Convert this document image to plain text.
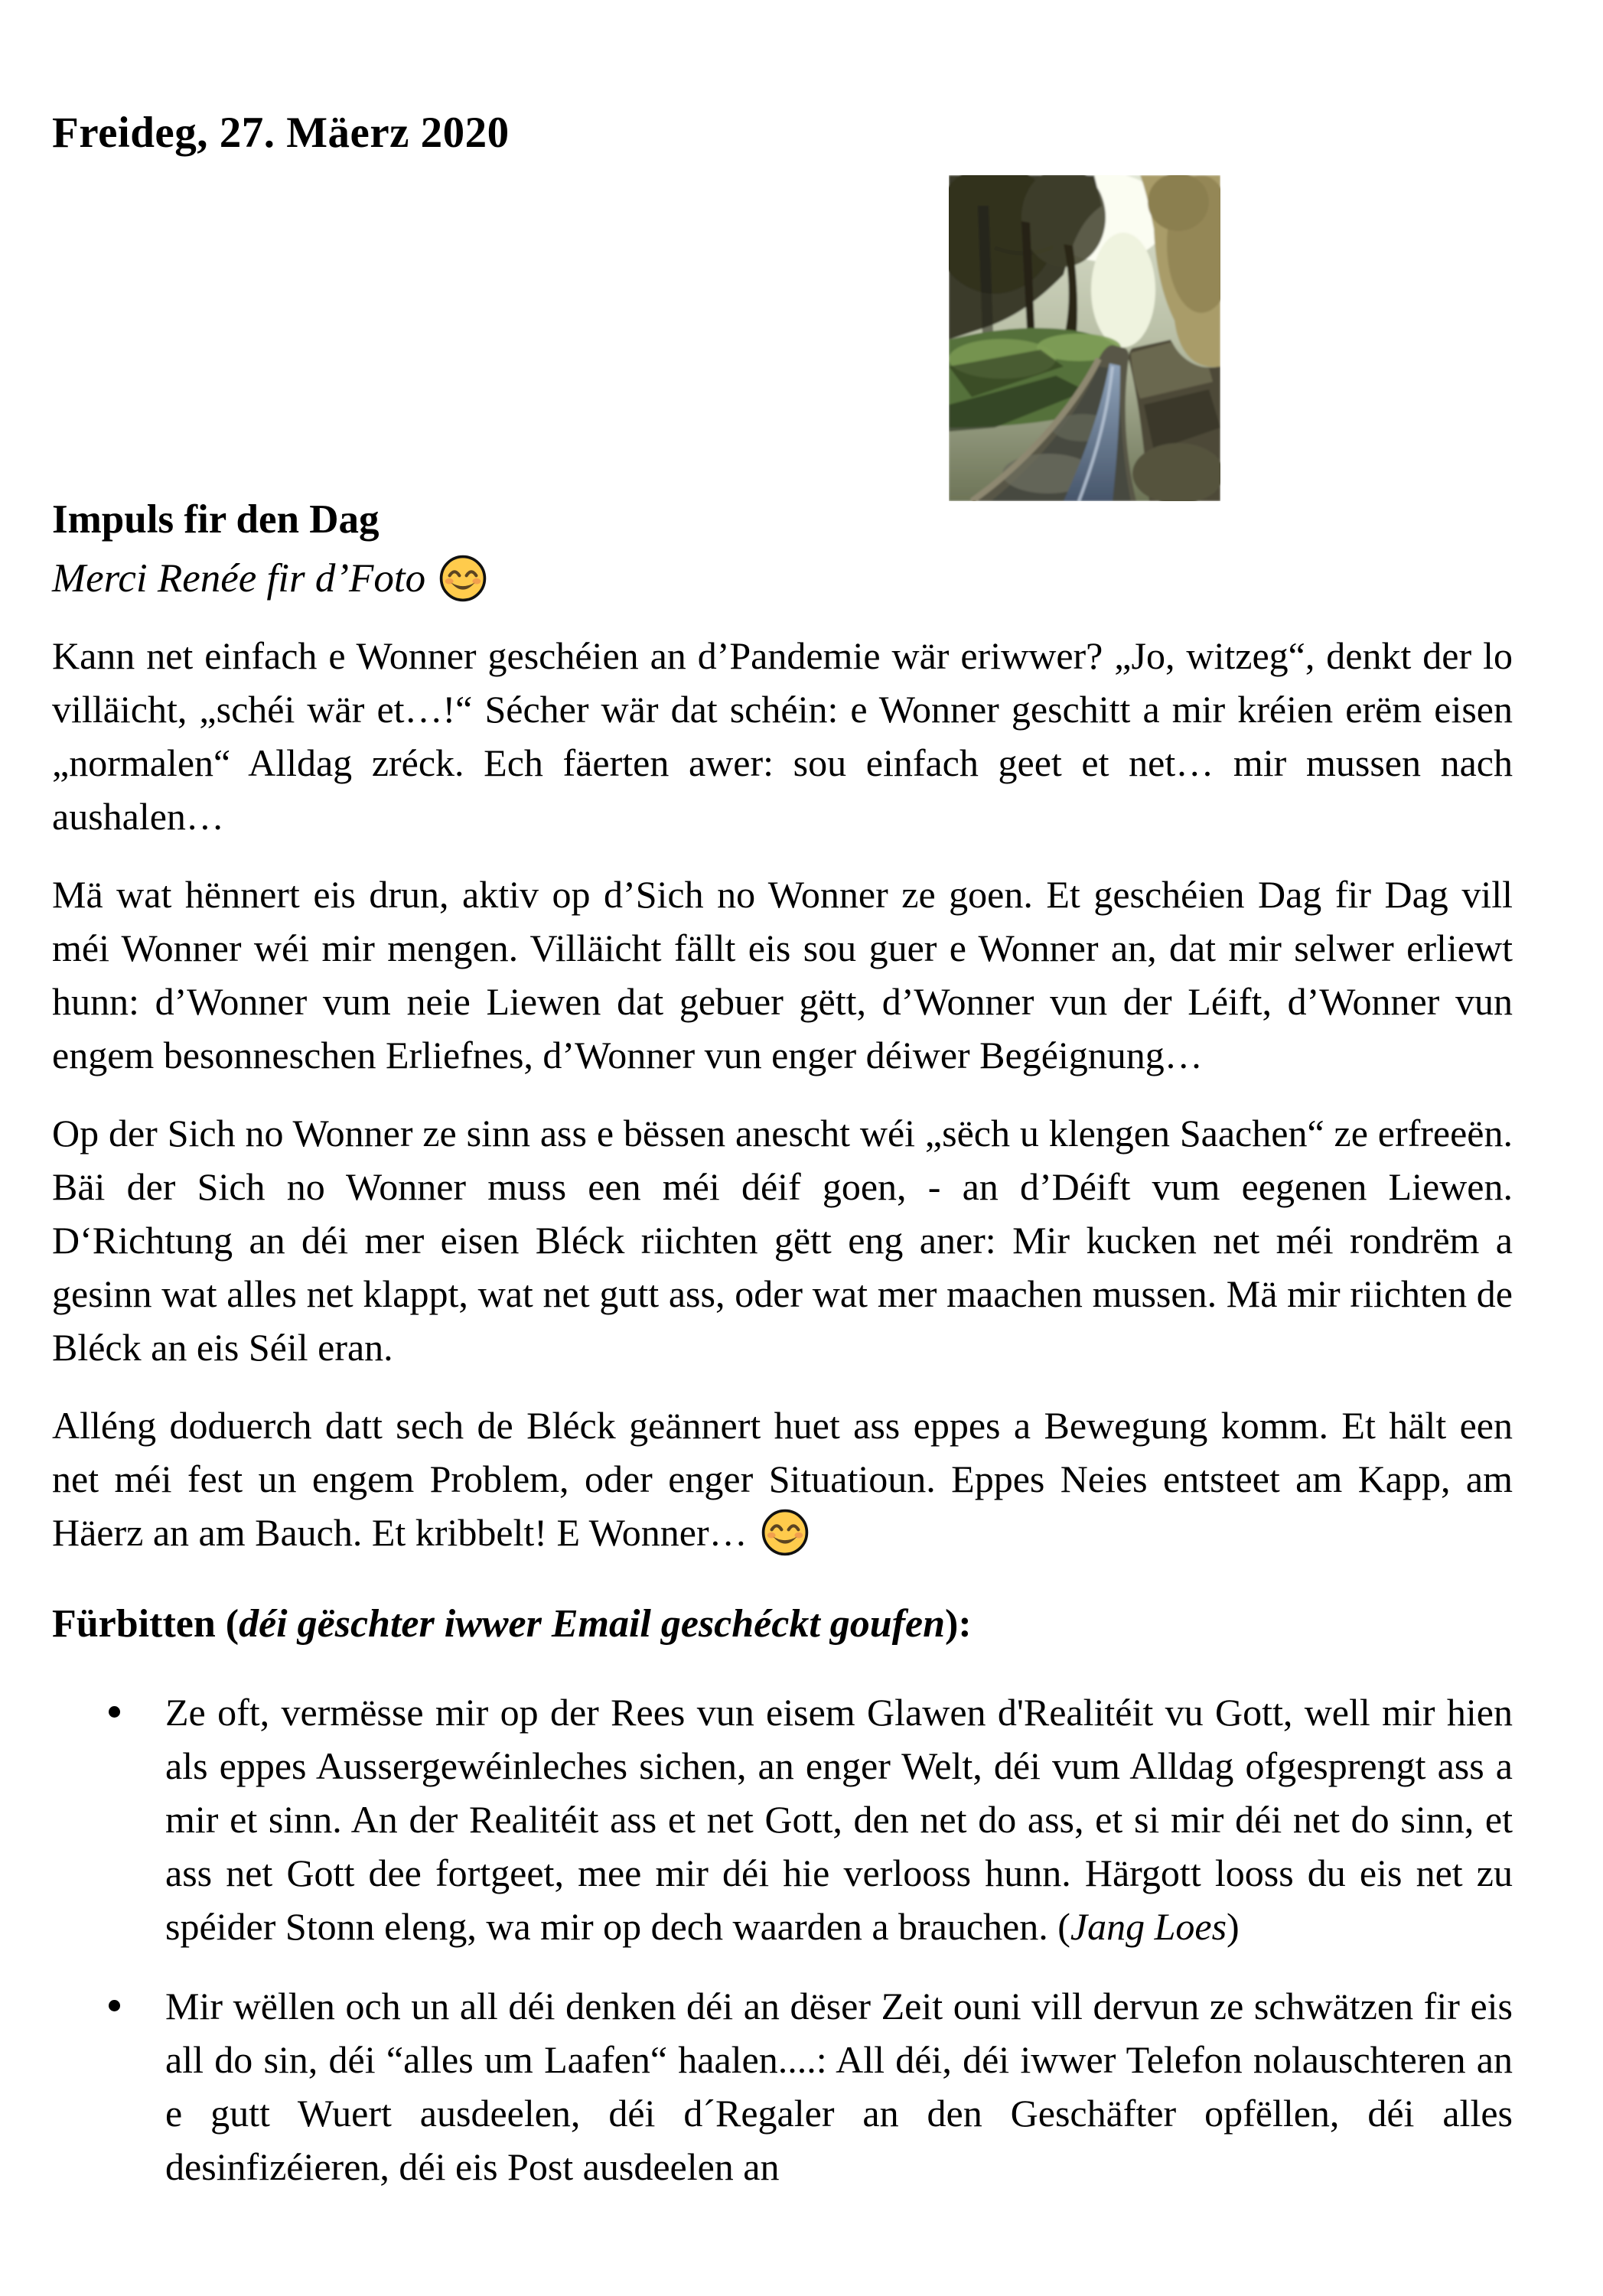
Freideg, 27. Mäerz 2020
Impuls fir den Dag

Merci Renée fir d’Foto

Kann net einfach e Wonner geschéien an d’Pandemie wär eriwwer? „Jo, witzeg“, denkt der lo villäicht, „schéi wär et…!“ Sécher wär dat schéin: e Wonner geschitt a mir kréien erëm eisen „normalen“ Alldag zréck. Ech fäerten awer: sou einfach geet et net… mir mussen nach aushalen…

Mä wat hënnert eis drun, aktiv op d’Sich no Wonner ze goen. Et geschéien Dag fir Dag vill méi Wonner wéi mir mengen. Villäicht fällt eis sou guer e Wonner an, dat mir selwer erliewt hunn: d’Wonner vum neie Liewen dat gebuer gëtt, d’Wonner vun der Léift, d’Wonner vun engem besonneschen Erliefnes, d’Wonner vun enger déiwer Begéignung…

Op der Sich no Wonner ze sinn ass e bëssen anescht wéi „sëch u klengen Saachen“ ze erfreeën. Bäi der Sich no Wonner muss een méi déif goen, - an d’Déift vum eegenen Liewen. D‘Richtung an déi mer eisen Bléck riichten gëtt eng aner: Mir kucken net méi rondrëm a gesinn wat alles net klappt, wat net gutt ass, oder wat mer maachen mussen. Mä mir riichten de Bléck an eis Séil eran.

Alléng doduerch datt sech de Bléck geännert huet ass eppes a Bewegung komm. Et hält een net méi fest un engem Problem, oder enger Situatioun. Eppes Neies entsteet am Kapp, am Häerz an am Bauch. Et kribbelt! E Wonner…

Fürbitten (déi gëschter iwwer Email geschéckt goufen):
Ze oft, vermësse mir op der Rees vun eisem Glawen d'Realitéit vu Gott, well mir hien als eppes Aussergewéinleches sichen, an enger Welt, déi vum Alldag ofgesprengt ass a mir et sinn. An der Realitéit ass et net Gott, den net do ass, et si mir déi net do sinn, et ass net Gott dee fortgeet, mee mir déi hie verlooss hunn. Härgott looss du eis net zu spéider Stonn eleng, wa mir op dech waarden a brauchen. (Jang Loes)
Mir wëllen och un all déi denken déi an dëser Zeit ouni vill dervun ze schwätzen fir eis all do sin, déi “alles um Laafen“ haalen....: All déi, déi iwwer Telefon nolauschteren an e gutt Wuert ausdeelen, déi d´Regaler an den Geschäfter opfëllen, déi alles desinfizéieren, déi eis Post ausdeelen an
